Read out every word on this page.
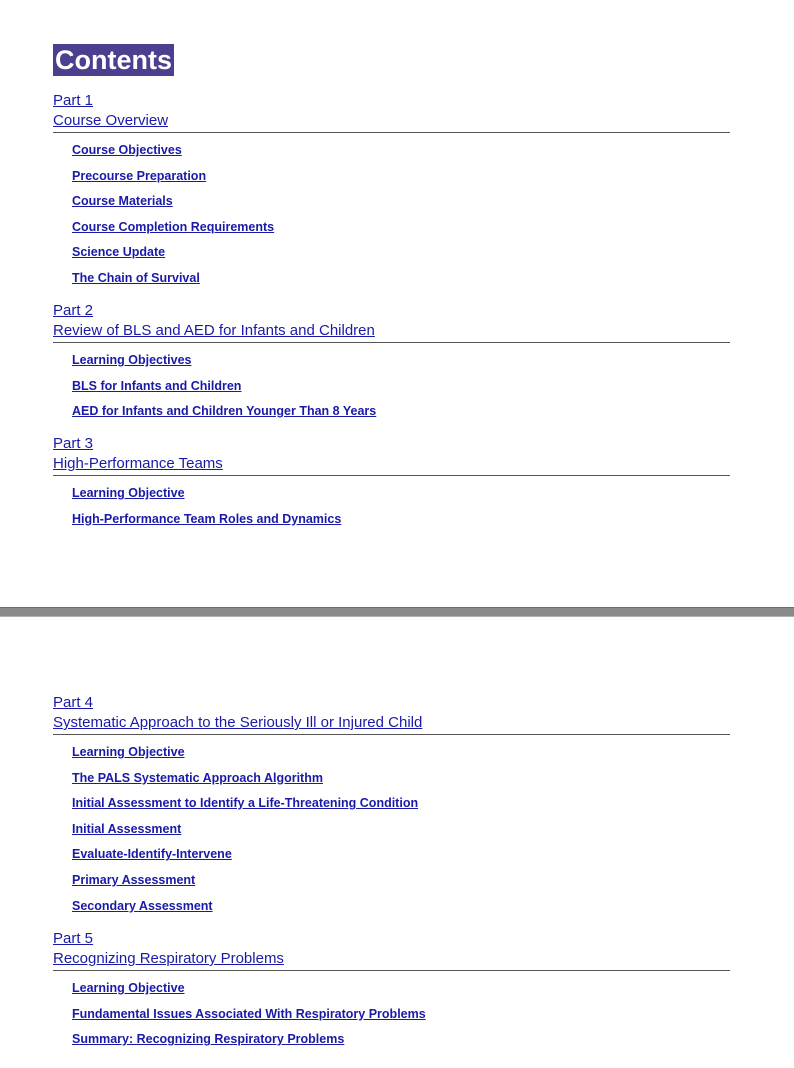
Contents
Part 1
Course Overview
Course Objectives
Precourse Preparation
Course Materials
Course Completion Requirements
Science Update
The Chain of Survival
Part 2
Review of BLS and AED for Infants and Children
Learning Objectives
BLS for Infants and Children
AED for Infants and Children Younger Than 8 Years
Part 3
High-Performance Teams
Learning Objective
High-Performance Team Roles and Dynamics
Part 4
Systematic Approach to the Seriously Ill or Injured Child
Learning Objective
The PALS Systematic Approach Algorithm
Initial Assessment to Identify a Life-Threatening Condition
Initial Assessment
Evaluate-Identify-Intervene
Primary Assessment
Secondary Assessment
Part 5
Recognizing Respiratory Problems
Learning Objective
Fundamental Issues Associated With Respiratory Problems
Summary: Recognizing Respiratory Problems
